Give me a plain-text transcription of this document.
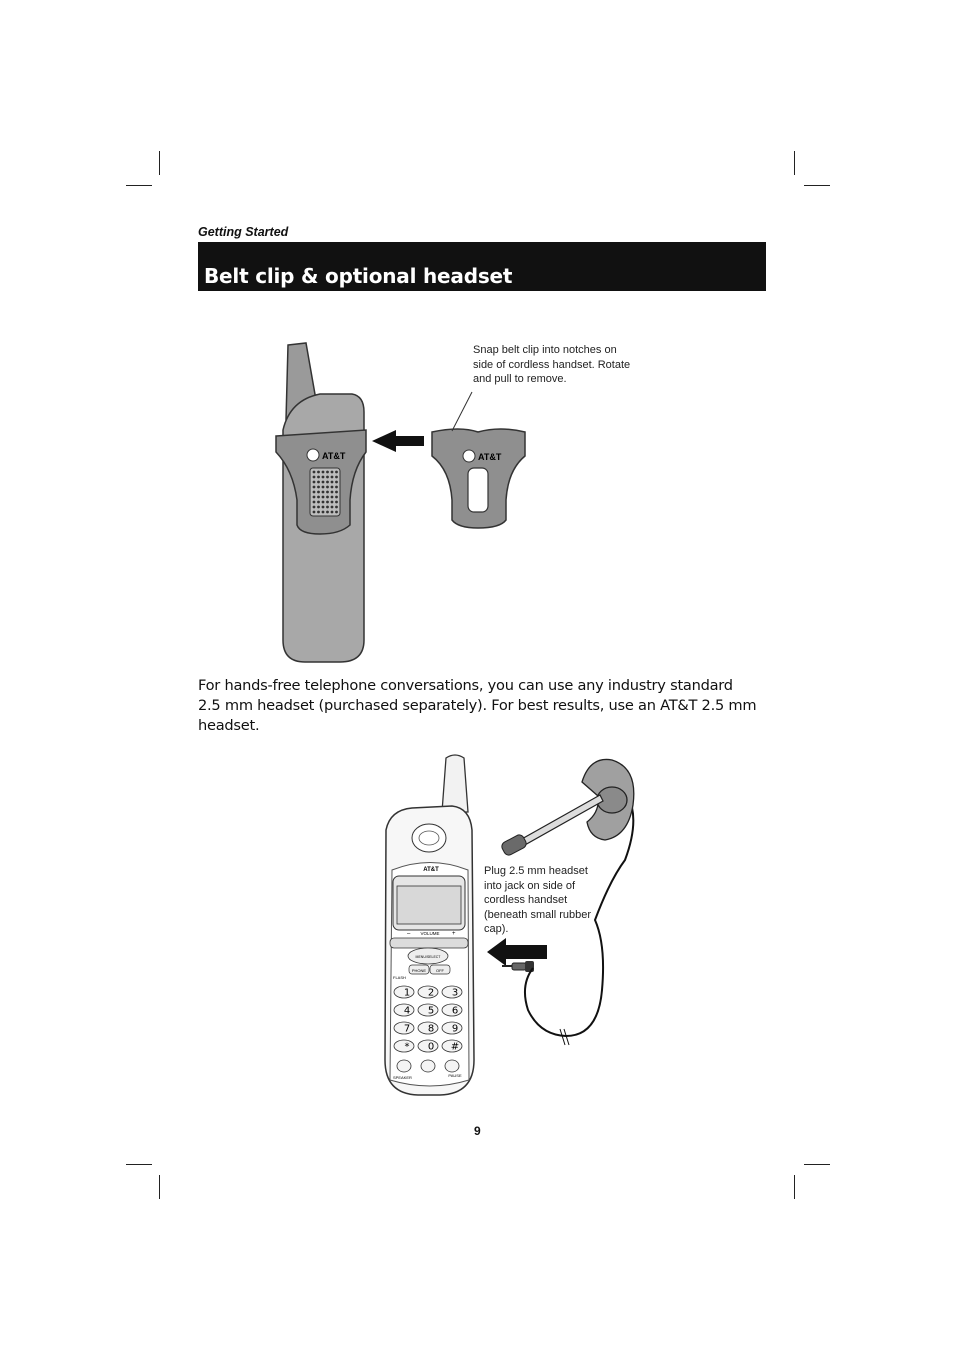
Getting Started
Belt clip & optional headset
AT&T	AT&T
Snap belt clip into notches on side of cordless handset. Rotate and pull to remove.
For hands-free telephone conversations, you can use any industry standard 2.5 mm headset (purchased separately). For best results, use an AT&T 2.5 mm headset.
AT&T
– VOLUME +
MENU/SELECT
FLASH
PHONE OFF
1 2 3
4 5 6
7 8 9
* 0 #
SPEAKER	PAUSE
Plug 2.5 mm headset into jack on side of cordless handset (beneath small rubber cap).
9
